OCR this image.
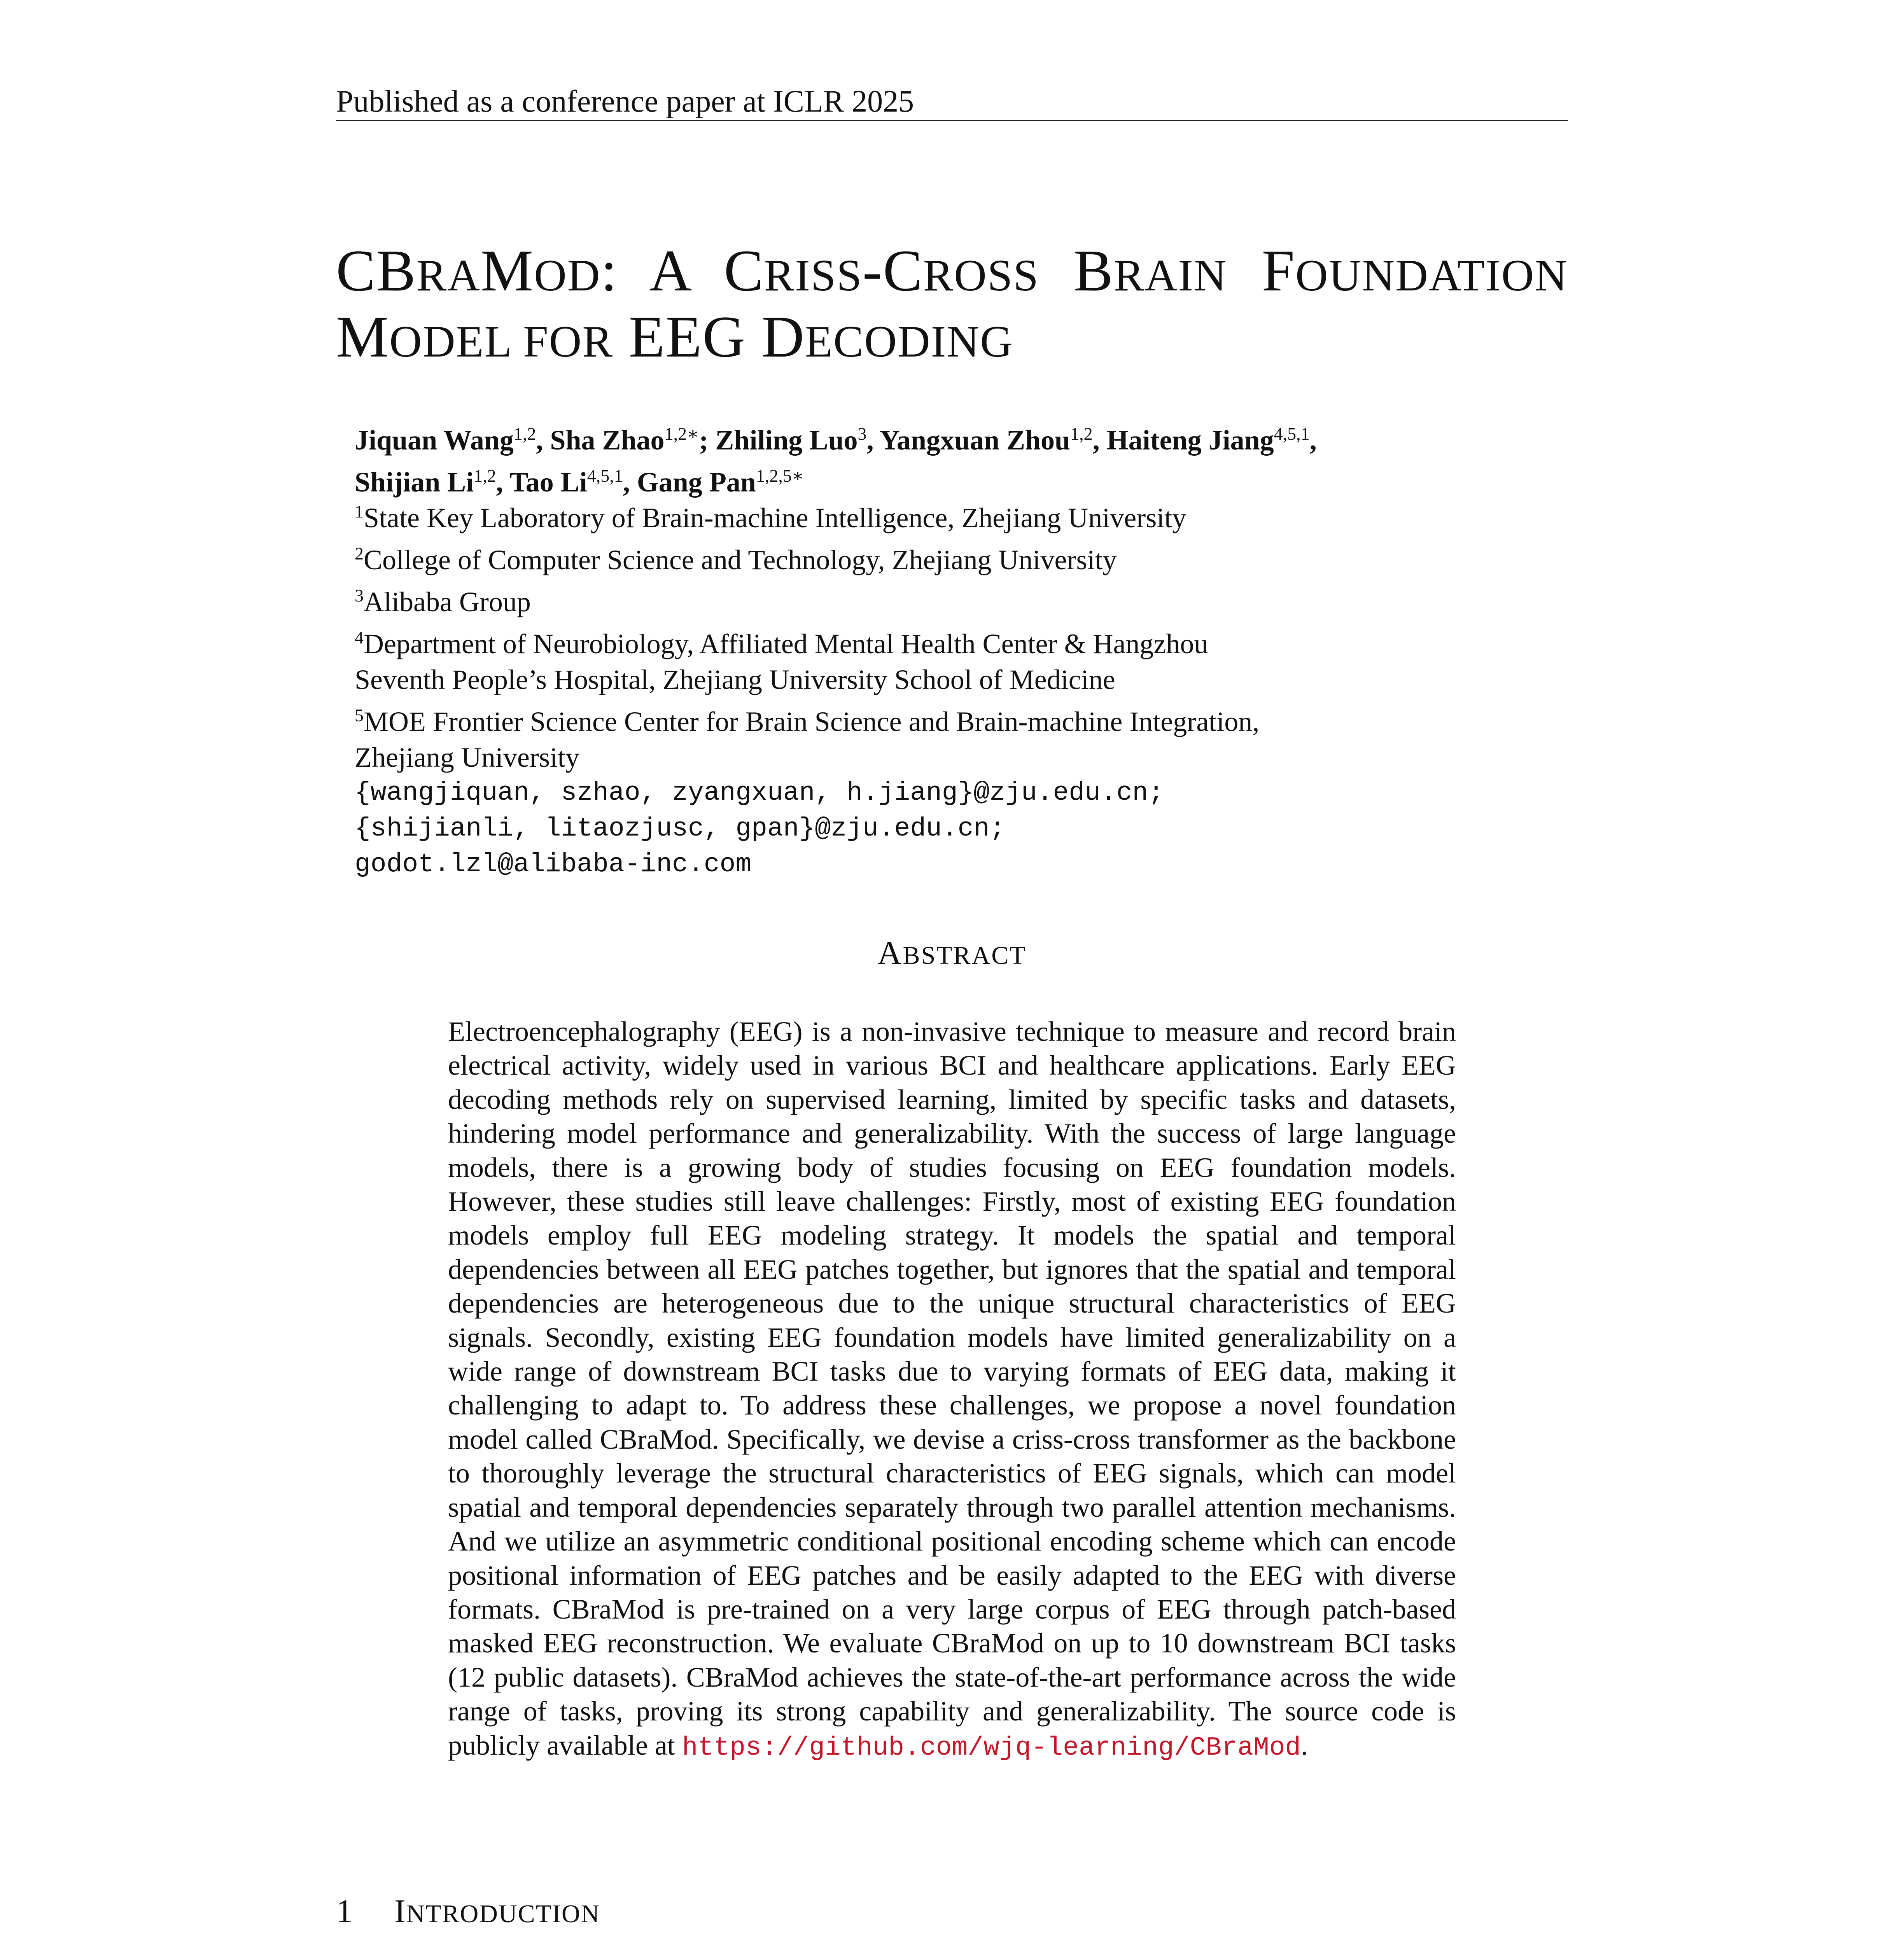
Published as a conference paper at ICLR 2025
CBRAMOD: A CRISS-CROSS BRAIN FOUNDATION
MODEL FOR EEG DECODING
Jiquan Wang$^{1,2}$, Sha Zhao$^{1,2∗}$; Zhiling Luo$^3$, Yangxuan Zhou$^{1,2}$, Haiteng Jiang$^{4,5,1}$,
Shijian Li$^{1,2}$, Tao Li$^{4,5,1}$, Gang Pan$^{1,2,5∗}$
$^1$State Key Laboratory of Brain-machine Intelligence, Zhejiang University
$^2$College of Computer Science and Technology, Zhejiang University
$^3$Alibaba Group
$^4$Department of Neurobiology, Affiliated Mental Health Center & Hangzhou
Seventh People’s Hospital, Zhejiang University School of Medicine
$^5$MOE Frontier Science Center for Brain Science and Brain-machine Integration,
Zhejiang University
{wangjiquan, szhao, zyangxuan, h.jiang}@zju.edu.cn;
{shijianli, litaozjusc, gpan}@zju.edu.cn;
godot.lzl@alibaba-inc.com
ABSTRACT
Electroencephalography (EEG) is a non-invasive technique to measure and record brain electrical activity, widely used in various BCI and healthcare applications. Early EEG decoding methods rely on supervised learning, limited by specific tasks and datasets, hindering model performance and generalizability. With the success of large language models, there is a growing body of studies focusing on EEG foundation models. However, these studies still leave challenges: Firstly, most of existing EEG foundation models employ full EEG modeling strategy. It models the spatial and temporal dependencies between all EEG patches together, but ignores that the spatial and temporal dependencies are heterogeneous due to the unique structural characteristics of EEG signals. Secondly, existing EEG foundation models have limited generalizability on a wide range of downstream BCI tasks due to varying formats of EEG data, making it challenging to adapt to. To address these challenges, we propose a novel foundation model called CBraMod. Specifically, we devise a criss-cross transformer as the backbone to thoroughly leverage the structural characteristics of EEG signals, which can model spatial and temporal dependencies separately through two parallel attention mechanisms. And we utilize an asymmetric conditional positional encoding scheme which can encode positional information of EEG patches and be easily adapted to the EEG with diverse formats. CBraMod is pre-trained on a very large corpus of EEG through patch-based masked EEG reconstruction. We evaluate CBraMod on up to 10 downstream BCI tasks (12 public datasets). CBraMod achieves the state-of-the-art performance across the wide range of tasks, proving its strong capability and generalizability. The source code is publicly available at https://github.com/wjq-learning/CBraMod.
1 INTRODUCTION
